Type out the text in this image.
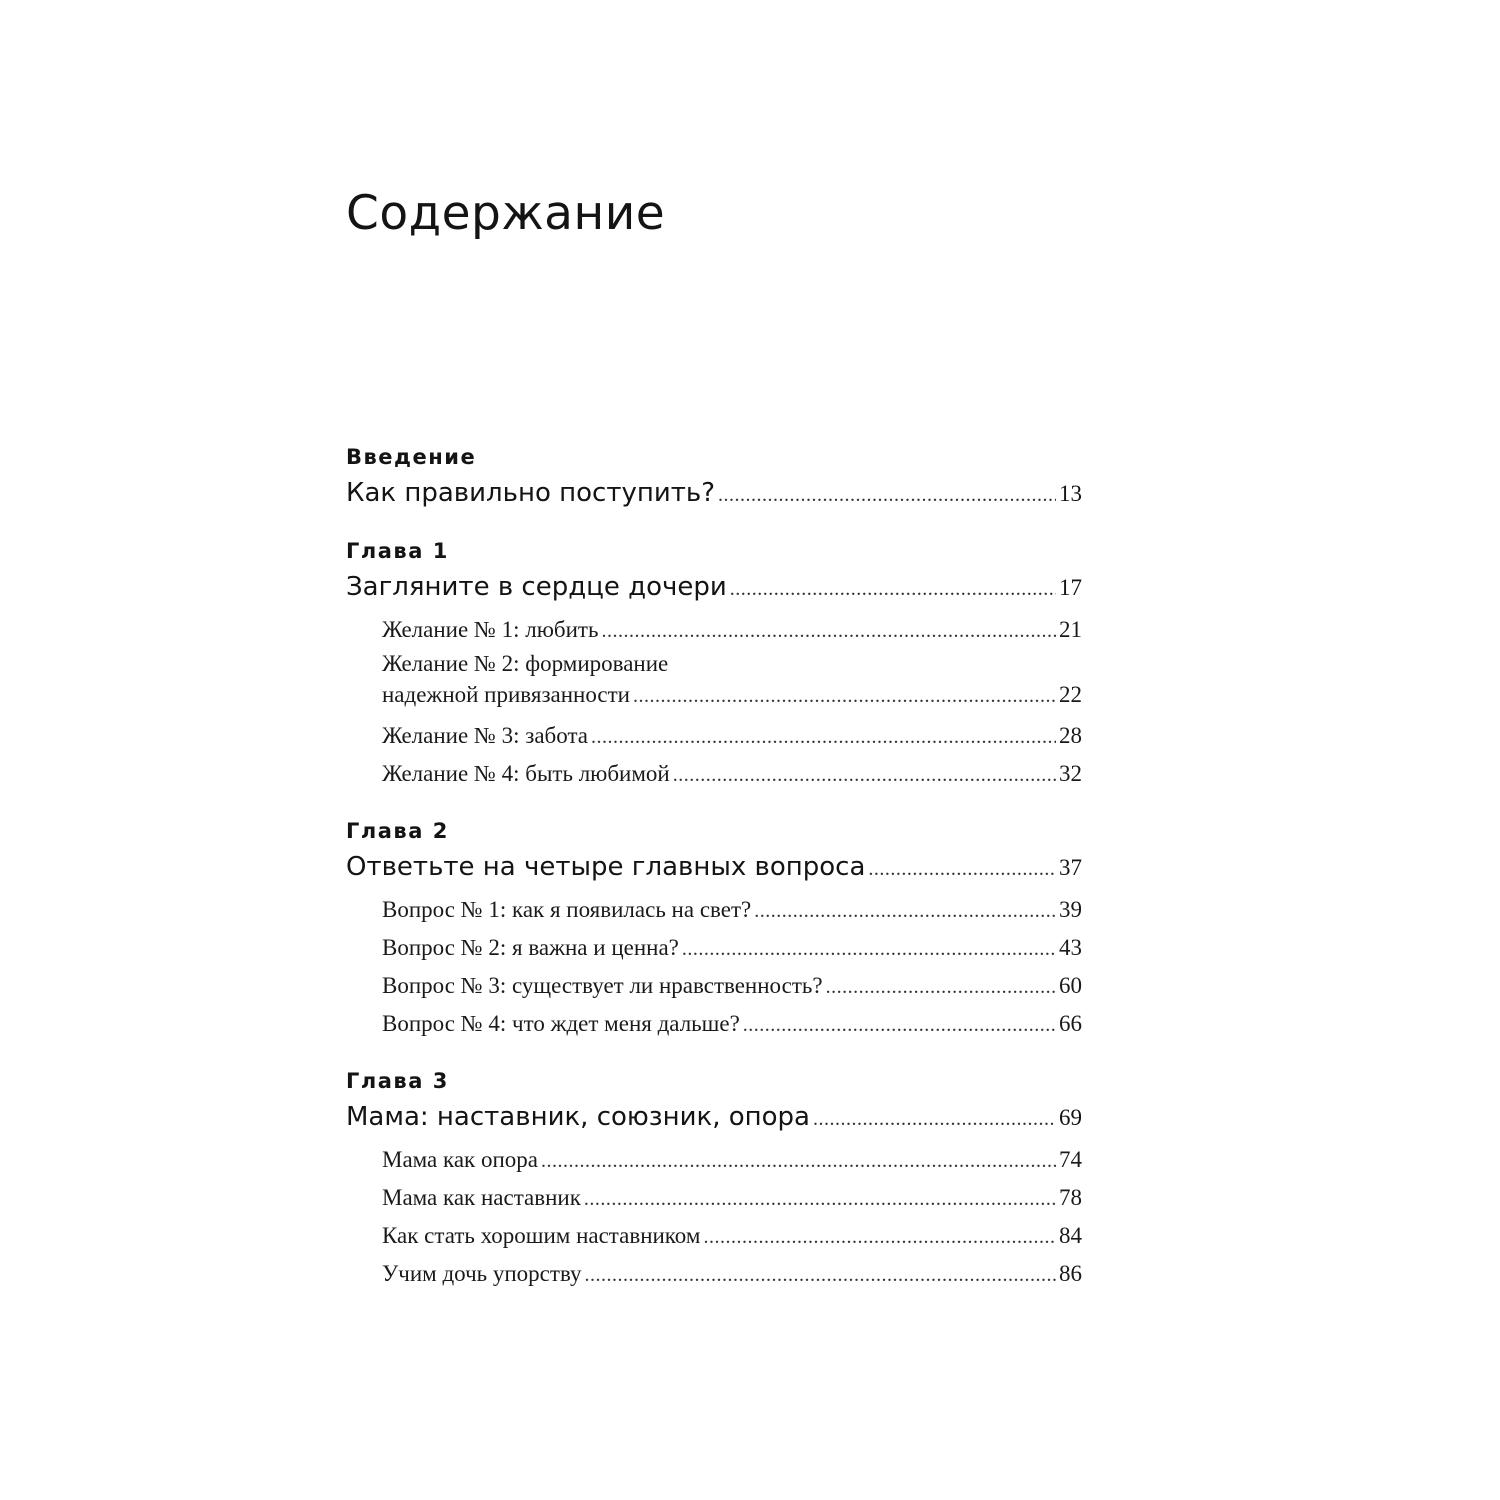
Содержание
Введение
Как правильно поступить? .....	13
Глава 1
Загляните в сердце дочери .....	17
Желание № 1: любить .....	21
Желание № 2: формирование
надежной привязанности .....	22
Желание № 3: забота .....	28
Желание № 4: быть любимой .....	32
Глава 2
Ответьте на четыре главных вопроса .....	37
Вопрос № 1: как я появилась на свет? .....	39
Вопрос № 2: я важна и ценна? .....	43
Вопрос № 3: существует ли нравственность? .....	60
Вопрос № 4: что ждет меня дальше? .....	66
Глава 3
Мама: наставник, союзник, опора .....	69
Мама как опора .....	74
Мама как наставник .....	78
Как стать хорошим наставником .....	84
Учим дочь упорству .....	86
